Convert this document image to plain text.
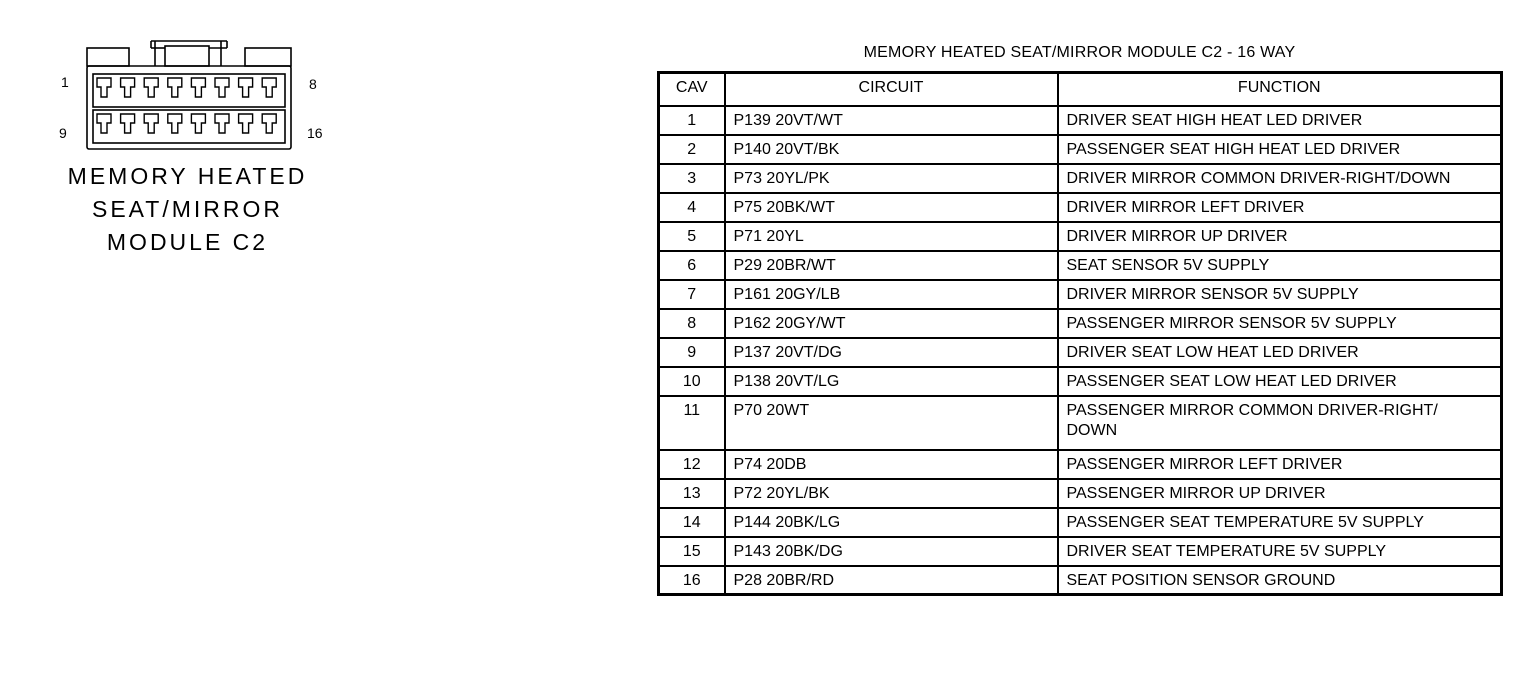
1	8
9	16
MEMORY HEATED
SEAT/MIRROR
MODULE C2
MEMORY HEATED SEAT/MIRROR MODULE C2 - 16 WAY
CAV	CIRCUIT	FUNCTION
1	P139 20VT/WT	DRIVER SEAT HIGH HEAT LED DRIVER
2	P140 20VT/BK	PASSENGER SEAT HIGH HEAT LED DRIVER
3	P73 20YL/PK	DRIVER MIRROR COMMON DRIVER-RIGHT/DOWN
4	P75 20BK/WT	DRIVER MIRROR LEFT DRIVER
5	P71 20YL	DRIVER MIRROR UP DRIVER
6	P29 20BR/WT	SEAT SENSOR 5V SUPPLY
7	P161 20GY/LB	DRIVER MIRROR SENSOR 5V SUPPLY
8	P162 20GY/WT	PASSENGER MIRROR SENSOR 5V SUPPLY
9	P137 20VT/DG	DRIVER SEAT LOW HEAT LED DRIVER
10	P138 20VT/LG	PASSENGER SEAT LOW HEAT LED DRIVER
11	P70 20WT	PASSENGER MIRROR COMMON DRIVER-RIGHT/ DOWN
12	P74 20DB	PASSENGER MIRROR LEFT DRIVER
13	P72 20YL/BK	PASSENGER MIRROR UP DRIVER
14	P144 20BK/LG	PASSENGER SEAT TEMPERATURE 5V SUPPLY
15	P143 20BK/DG	DRIVER SEAT TEMPERATURE 5V SUPPLY
16	P28 20BR/RD	SEAT POSITION SENSOR GROUND
